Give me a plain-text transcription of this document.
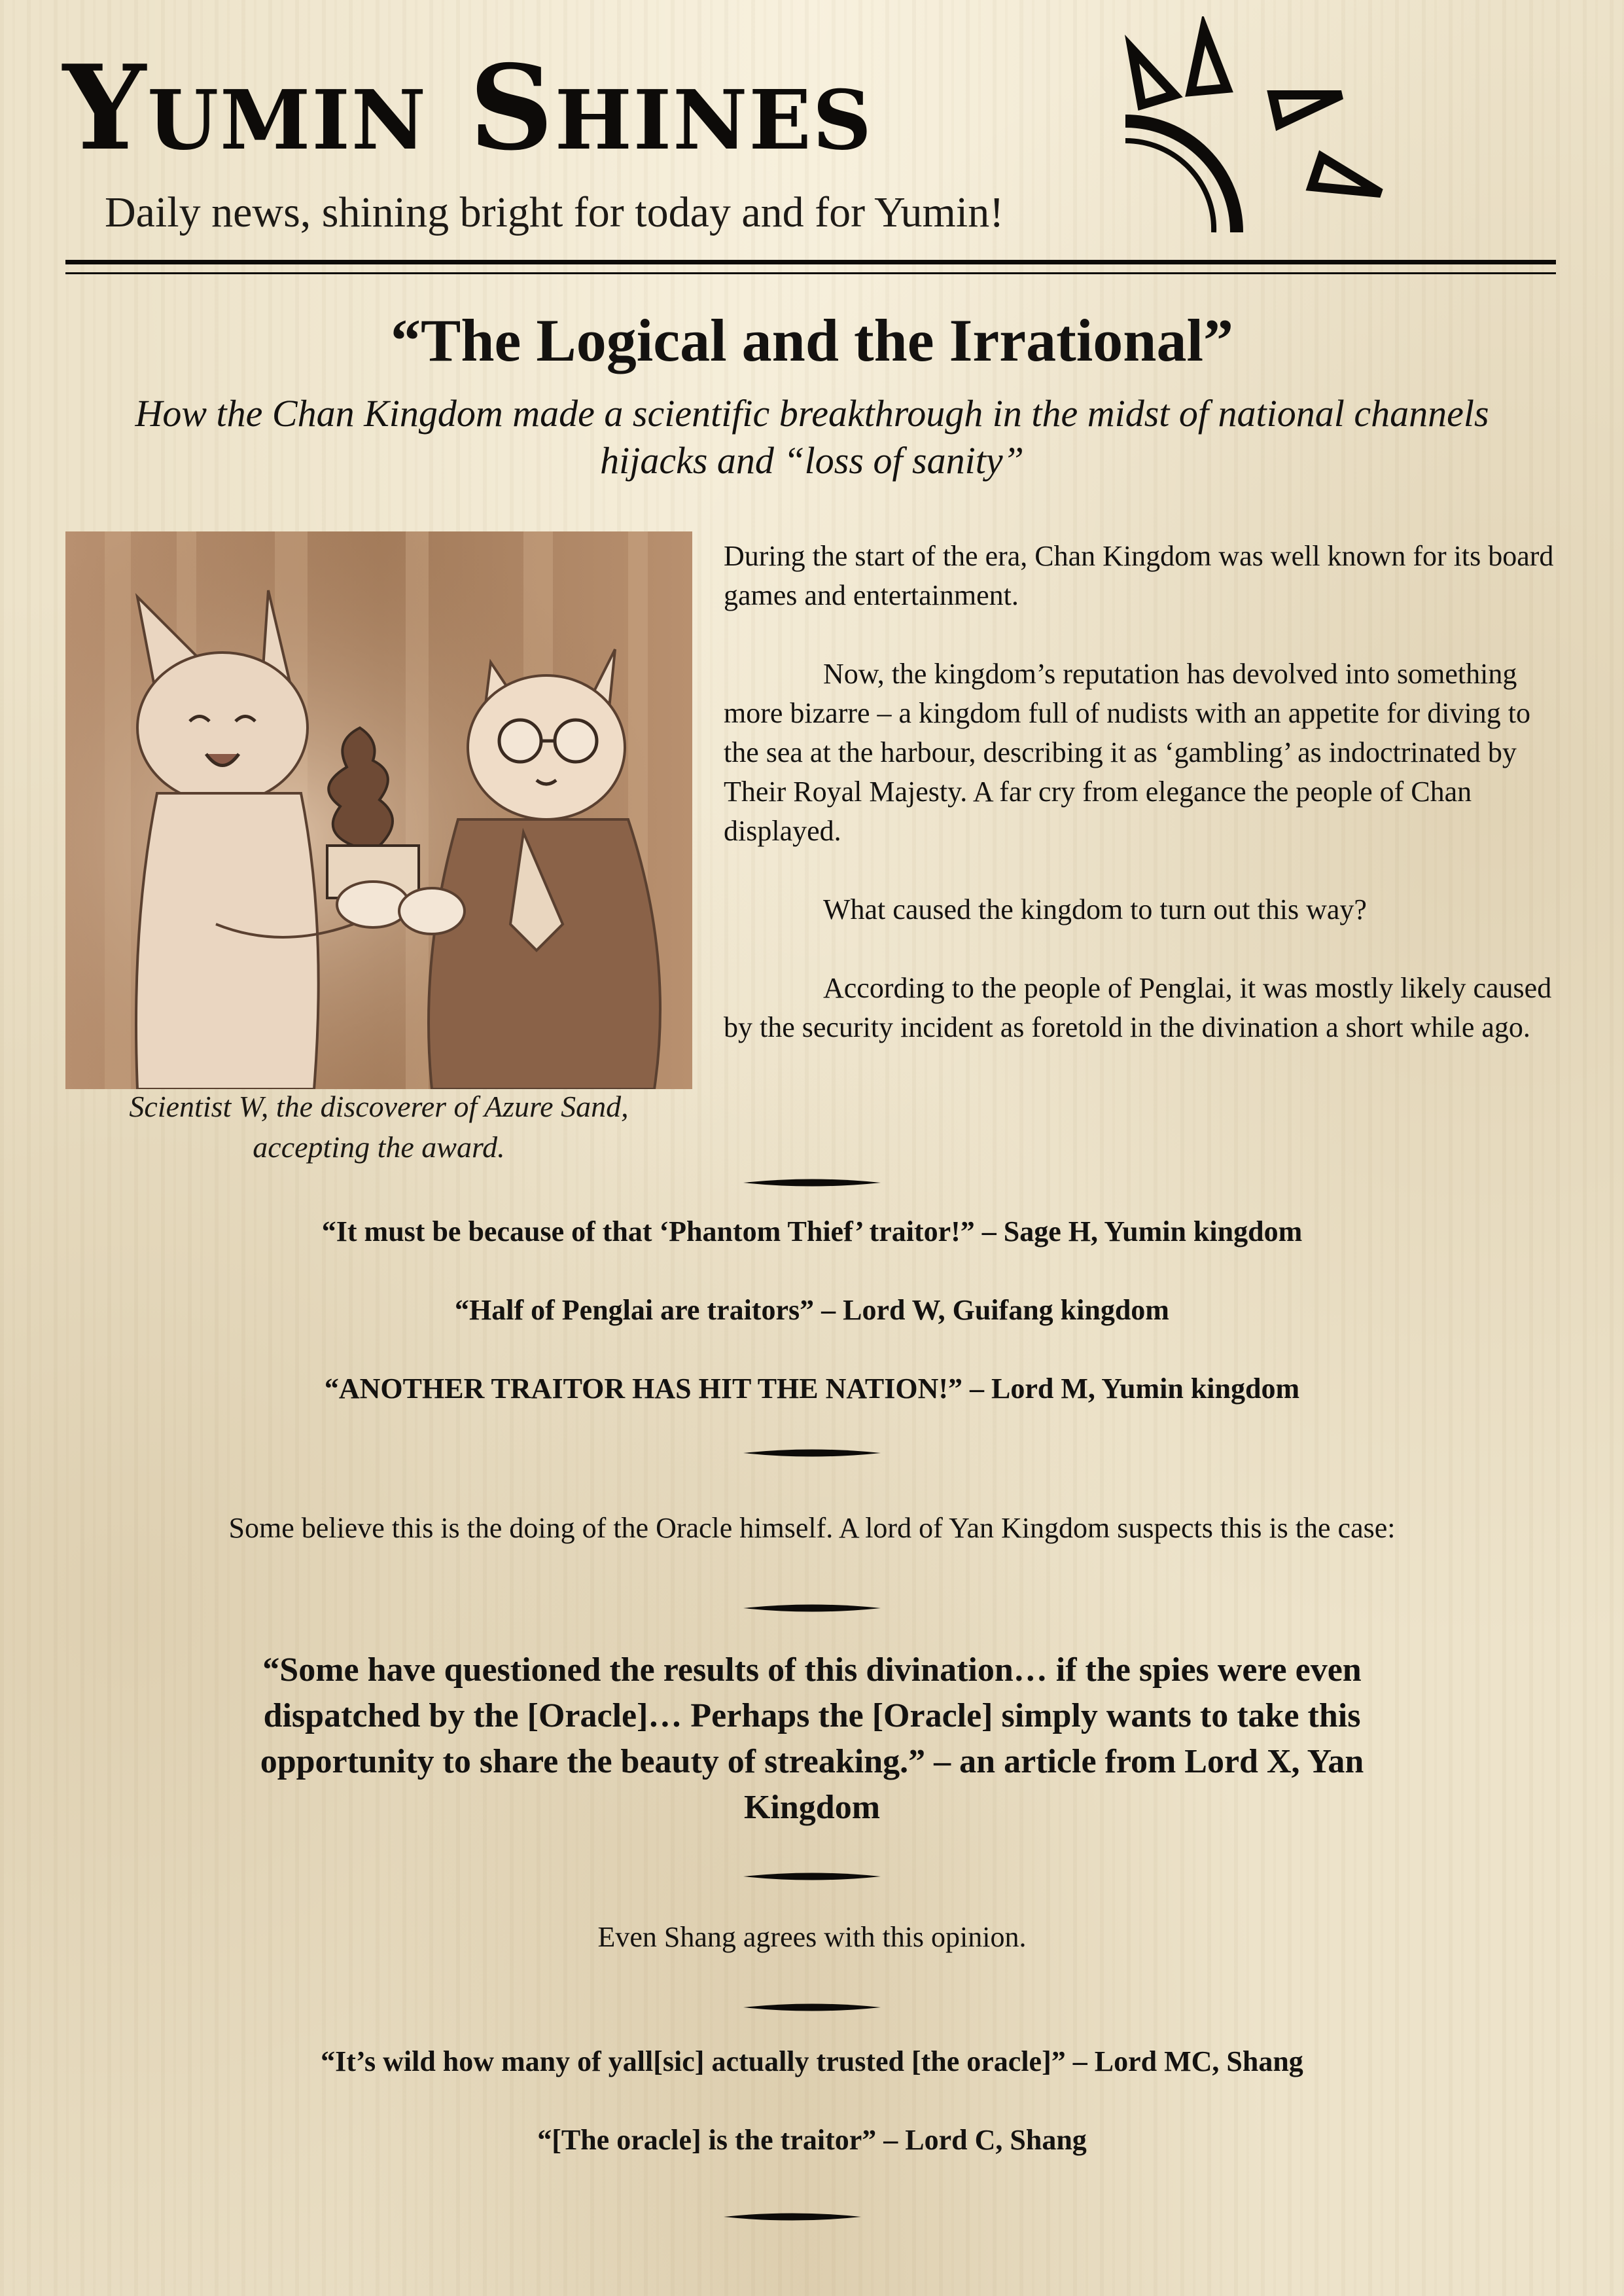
Yumin Shines
Daily news, shining bright for today and for Yumin!
“The Logical and the Irrational”
How the Chan Kingdom made a scientific breakthrough in the midst of national channels hijacks and “loss of sanity”
Scientist W, the discoverer of Azure Sand,
accepting the award.

During the start of the era, Chan Kingdom was well known for its board games and entertainment.

Now, the kingdom’s reputation has devolved into something more bizarre – a kingdom full of nudists with an appetite for diving to the sea at the harbour, describing it as ‘gambling’ as indoctrinated by Their Royal Majesty. A far cry from elegance the people of Chan displayed.

What caused the kingdom to turn out this way?

According to the people of Penglai, it was mostly likely caused by the security incident as foretold in the divination a short while ago.

“It must be because of that ‘Phantom Thief’ traitor!” – Sage H, Yumin kingdom
“Half of Penglai are traitors” – Lord W, Guifang kingdom
“ANOTHER TRAITOR HAS HIT THE NATION!” – Lord M, Yumin kingdom
Some believe this is the doing of the Oracle himself. A lord of Yan Kingdom suspects this is the case:
“Some have questioned the results of this divination… if the spies were even dispatched by the [Oracle]… Perhaps the [Oracle] simply wants to take this opportunity to share the beauty of streaking.” – an article from Lord X, Yan Kingdom
Even Shang agrees with this opinion.
“It’s wild how many of yall[sic] actually trusted [the oracle]” – Lord MC, Shang
“[The oracle] is the traitor” – Lord C, Shang
